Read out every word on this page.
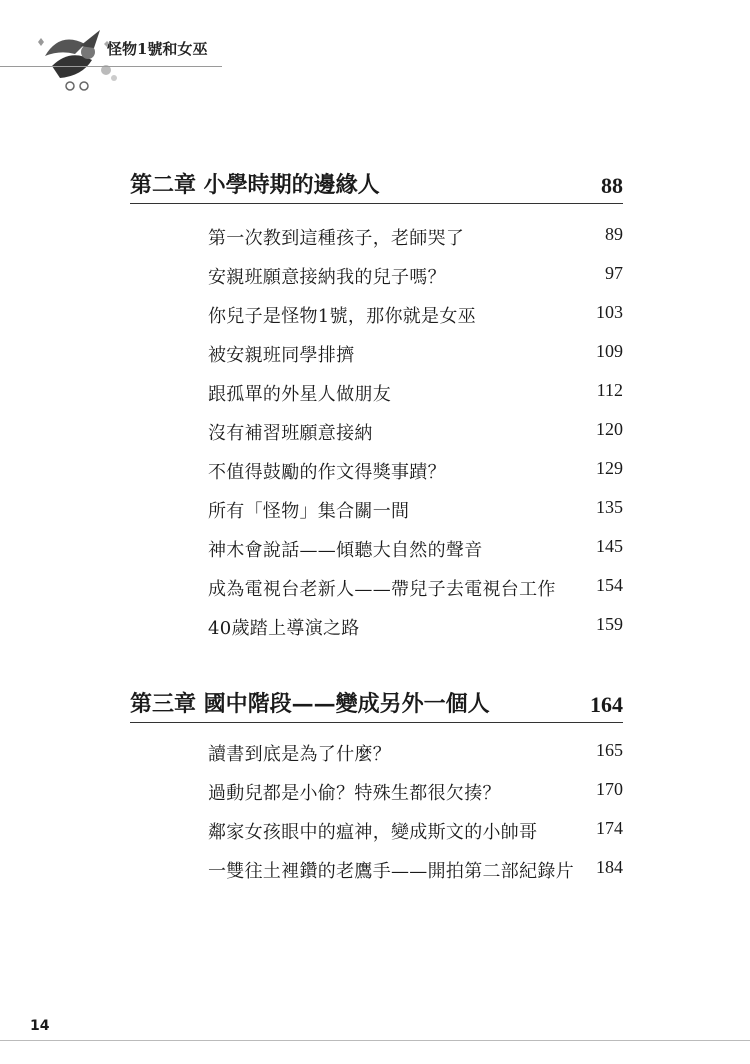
怪物1號和女巫
第二章 小學時期的邊緣人	88
第一次教到這種孩子，老師哭了	89
安親班願意接納我的兒子嗎？	97
你兒子是怪物1號，那你就是女巫	103
被安親班同學排擠	109
跟孤單的外星人做朋友	112
沒有補習班願意接納	120
不值得鼓勵的作文得獎事蹟？	129
所有「怪物」集合關一間	135
神木會說話——傾聽大自然的聲音	145
成為電視台老新人——帶兒子去電視台工作 154
40歲踏上導演之路	159
第三章 國中階段——變成另外一個人	164
讀書到底是為了什麼？	165
過動兒都是小偷？特殊生都很欠揍？	170
鄰家女孩眼中的瘟神，變成斯文的小帥哥	174
一雙往土裡鑽的老鷹手——開拍第二部紀錄片 184
14
